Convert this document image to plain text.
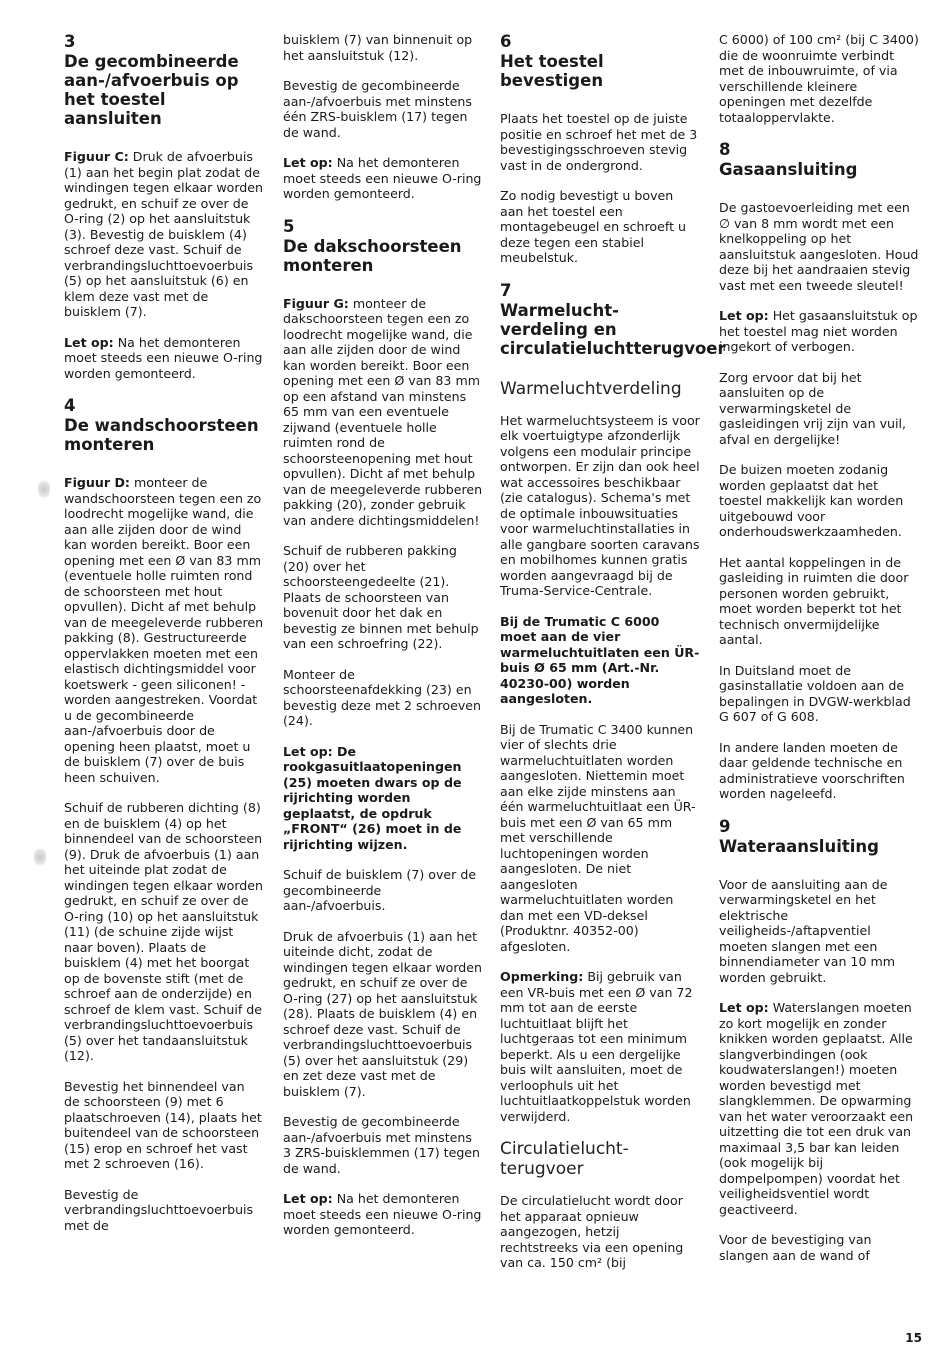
3
De gecombineerde aan-/afvoerbuis op het toestel aansluiten

Figuur C: Druk de afvoerbuis (1) aan het begin plat zodat de windingen tegen elkaar worden gedrukt, en schuif ze over de O-ring (2) op het aansluitstuk (3). Bevestig de buisklem (4) schroef deze vast. Schuif de verbrandingsluchttoevoerbuis (5) op het aansluitstuk (6) en klem deze vast met de buisklem (7).

Let op: Na het demonteren moet steeds een nieuwe O-ring worden gemonteerd.

4
De wandschoorsteen monteren

Figuur D: monteer de wandschoorsteen tegen een zo loodrecht mogelijke wand, die aan alle zijden door de wind kan worden bereikt. Boor een opening met een Ø van 83 mm (eventuele holle ruimten rond de schoorsteen met hout opvullen). Dicht af met behulp van de meegeleverde rubberen pakking (8). Gestructureerde oppervlakken moeten met een elastisch dichtingsmiddel voor koetswerk - geen siliconen! - worden aangestreken. Voordat u de gecombineerde aan-/afvoerbuis door de opening heen plaatst, moet u de buisklem (7) over de buis heen schuiven.

Schuif de rubberen dichting (8) en de buisklem (4) op het binnendeel van de schoorsteen (9). Druk de afvoerbuis (1) aan het uiteinde plat zodat de windingen tegen elkaar worden gedrukt, en schuif ze over de O-ring (10) op het aansluitstuk (11) (de schuine zijde wijst naar boven). Plaats de buisklem (4) met het boorgat op de bovenste stift (met de schroef aan de onderzijde) en schroef de klem vast. Schuif de verbrandingsluchttoevoerbuis (5) over het tandaansluitstuk (12).

Bevestig het binnendeel van de schoorsteen (9) met 6 plaatschroeven (14), plaats het buitendeel van de schoorsteen (15) erop en schroef het vast met 2 schroeven (16).

Bevestig de verbrandingsluchttoevoerbuis met de

buisklem (7) van binnenuit op het aansluitstuk (12).

Bevestig de gecombineerde aan-/afvoerbuis met minstens één ZRS-buisklem (17) tegen de wand.

Let op: Na het demonteren moet steeds een nieuwe O-ring worden gemonteerd.

5
De dakschoorsteen monteren

Figuur G: monteer de dakschoorsteen tegen een zo loodrecht mogelijke wand, die aan alle zijden door de wind kan worden bereikt. Boor een opening met een Ø van 83 mm op een afstand van minstens 65 mm van een eventuele zijwand (eventuele holle ruimten rond de schoorsteenopening met hout opvullen). Dicht af met behulp van de meegeleverde rubberen pakking (20), zonder gebruik van andere dichtingsmiddelen!

Schuif de rubberen pakking (20) over het schoorsteengedeelte (21). Plaats de schoorsteen van bovenuit door het dak en bevestig ze binnen met behulp van een schroefring (22).

Monteer de schoorsteenafdekking (23) en bevestig deze met 2 schroeven (24).

Let op: De rookgasuitlaatopeningen (25) moeten dwars op de rijrichting worden geplaatst, de opdruk „FRONT“ (26) moet in de rijrichting wijzen.

Schuif de buisklem (7) over de gecombineerde aan-/afvoerbuis.

Druk de afvoerbuis (1) aan het uiteinde dicht, zodat de windingen tegen elkaar worden gedrukt, en schuif ze over de O-ring (27) op het aansluitstuk (28). Plaats de buisklem (4) en schroef deze vast. Schuif de verbrandingsluchttoevoerbuis (5) over het aansluitstuk (29) en zet deze vast met de buisklem (7).

Bevestig de gecombineerde aan-/afvoerbuis met minstens 3 ZRS-buisklemmen (17) tegen de wand.

Let op: Na het demonteren moet steeds een nieuwe O-ring worden gemonteerd.

6
Het toestel bevestigen

Plaats het toestel op de juiste positie en schroef het met de 3 bevestigingsschroeven stevig vast in de ondergrond.

Zo nodig bevestigt u boven aan het toestel een montagebeugel en schroeft u deze tegen een stabiel meubelstuk.

7
Warmelucht-verdeling en circulatieluchtterugvoer
Warmeluchtverdeling

Het warmeluchtsysteem is voor elk voertuigtype afzonderlijk volgens een modulair principe ontworpen. Er zijn dan ook heel wat accessoires beschikbaar (zie catalogus). Schema's met de optimale inbouwsituaties voor warmeluchtinstallaties in alle gangbare soorten caravans en mobilhomes kunnen gratis worden aangevraagd bij de Truma-Service-Centrale.

Bij de Trumatic C 6000 moet aan de vier warmeluchtuitlaten een ÜR-buis Ø 65 mm (Art.-Nr. 40230-00) worden aangesloten.

Bij de Trumatic C 3400 kunnen vier of slechts drie warmeluchtuitlaten worden aangesloten. Niettemin moet aan elke zijde minstens aan één warmeluchtuitlaat een ÜR-buis met een Ø van 65 mm met verschillende luchtopeningen worden aangesloten. De niet aangesloten warmeluchtuitlaten worden dan met een VD-deksel (Produktnr. 40352-00) afgesloten.

Opmerking: Bij gebruik van een VR-buis met een Ø van 72 mm tot aan de eerste luchtuitlaat blijft het luchtgeraas tot een minimum beperkt. Als u een dergelijke buis wilt aansluiten, moet de verloophuls uit het luchtuitlaatkoppelstuk worden verwijderd.

Circulatielucht-terugvoer

De circulatielucht wordt door het apparaat opnieuw aangezogen, hetzij rechtstreeks via een opening van ca. 150 cm² (bij

C 6000) of 100 cm² (bij C 3400) die de woonruimte verbindt met de inbouwruimte, of via verschillende kleinere openingen met dezelfde totaaloppervlakte.

8
Gasaansluiting

De gastoevoerleiding met een ∅ van 8 mm wordt met een knelkoppeling op het aansluitstuk aangesloten. Houd deze bij het aandraaien stevig vast met een tweede sleutel!

Let op: Het gasaansluitstuk op het toestel mag niet worden ingekort of verbogen.

Zorg ervoor dat bij het aansluiten op de verwarmingsketel de gasleidingen vrij zijn van vuil, afval en dergelijke!

De buizen moeten zodanig worden geplaatst dat het toestel makkelijk kan worden uitgebouwd voor onderhoudswerkzaamheden.

Het aantal koppelingen in de gasleiding in ruimten die door personen worden gebruikt, moet worden beperkt tot het technisch onvermijdelijke aantal.

In Duitsland moet de gasinstallatie voldoen aan de bepalingen in DVGW-werkblad G 607 of G 608.

In andere landen moeten de daar geldende technische en administratieve voorschriften worden nageleefd.

9
Wateraansluiting

Voor de aansluiting aan de verwarmingsketel en het elektrische veiligheids-/aftapventiel moeten slangen met een binnendiameter van 10 mm worden gebruikt.

Let op: Waterslangen moeten zo kort mogelijk en zonder knikken worden geplaatst. Alle slangverbindingen (ook koudwaterslangen!) moeten worden bevestigd met slangklemmen. De opwarming van het water veroorzaakt een uitzetting die tot een druk van maximaal 3,5 bar kan leiden (ook mogelijk bij dompelpompen) voordat het veiligheidsventiel wordt geactiveerd.

Voor de bevestiging van slangen aan de wand of

15
